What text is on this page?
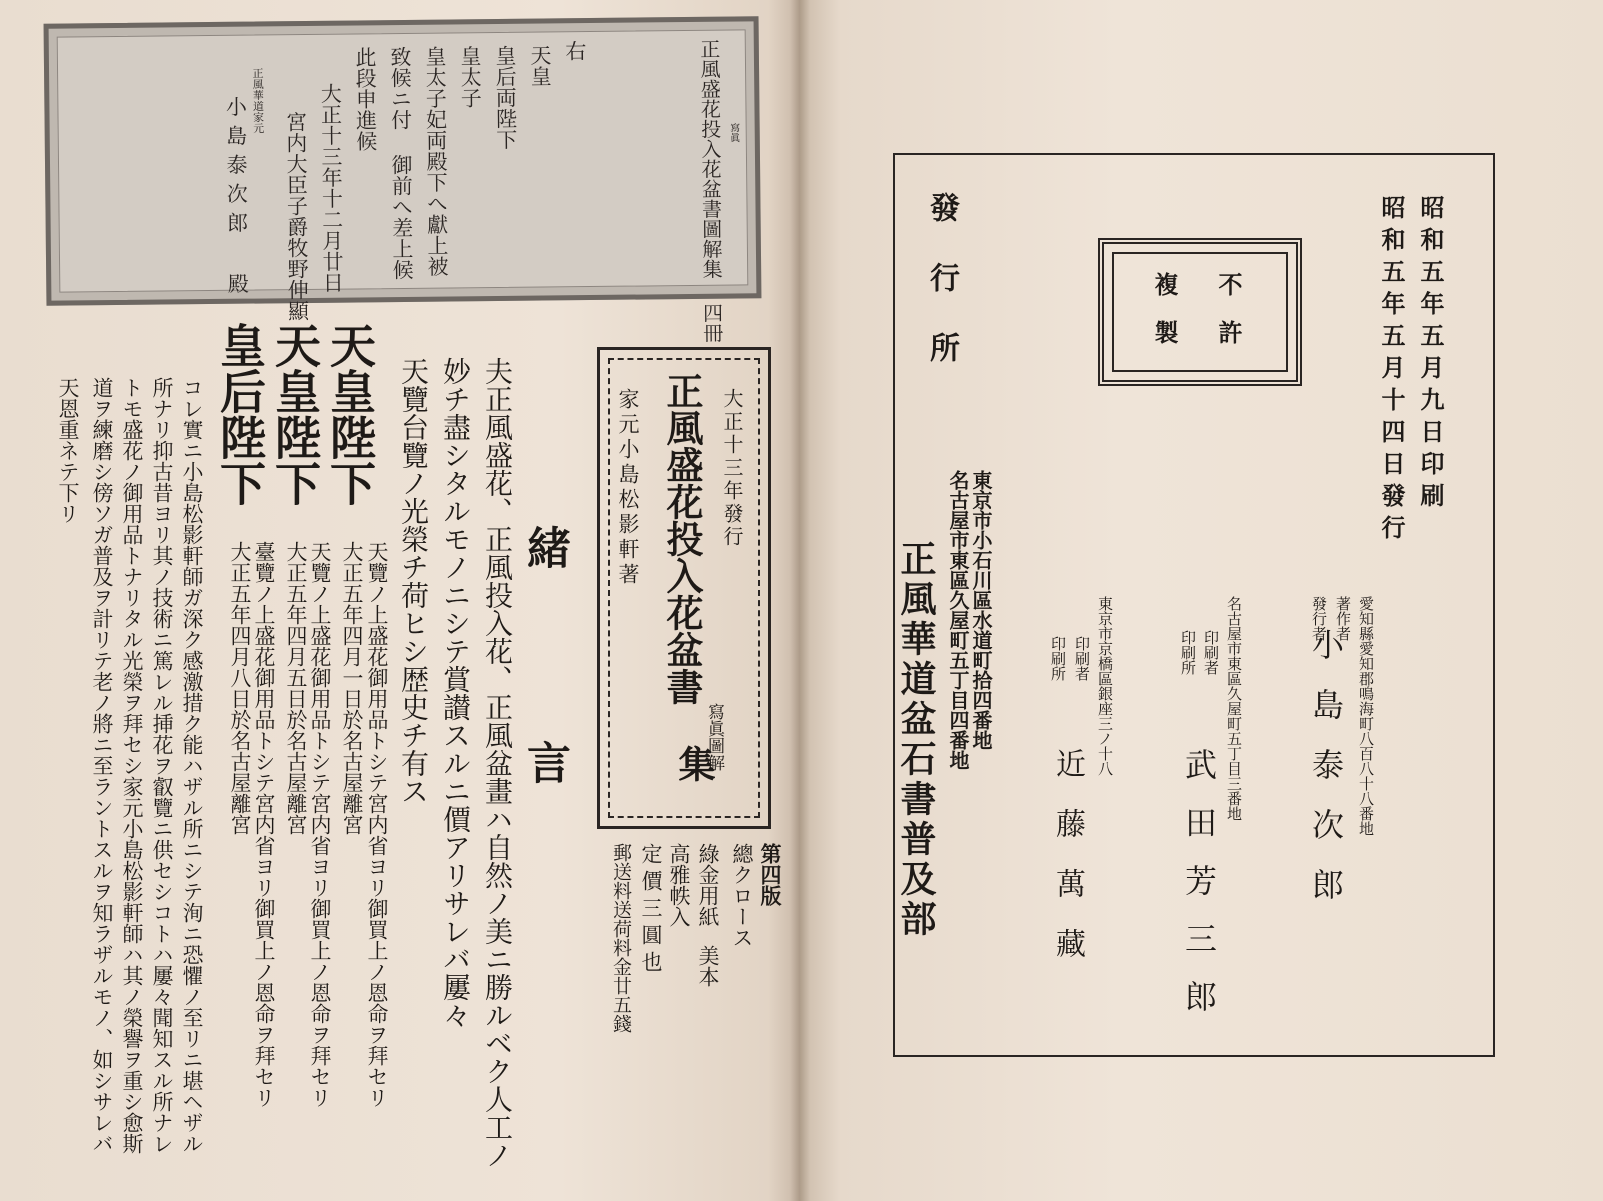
正風盛花投入花盆書圖解集 四冊 寫眞
右
天皇
皇后両陛下
皇太子
皇太子妃両殿下へ獻上被
致候ニ付 御前へ差上候
此段申進候
大正十三年十二月廿日
宮内大臣子爵牧野伸顯
正風華道家元
小島泰次郎 殿
大正十三年發行
正風盛花投入花盆書
寫眞圖解
集
家元小島松影軒著
第四版
總クロース
綠金用紙
美本
高雅帙入
定價三圓也
郵送料送荷料金廿五錢
緒 言
夫正風盛花、正風投入花、正風盆畫ハ自然ノ美ニ勝ルベク人工ノ
妙チ盡シタルモノニシテ賞讃スルニ價アリサレバ屢々
天覽台覽ノ光榮チ荷ヒシ歴史チ有ス
天覽ノ上盛花御用品トシテ宮内省ヨリ御買上ノ恩命ヲ拜セリ
大正五年四月一日於名古屋離宮
天覽ノ上盛花御用品トシテ宮内省ヨリ御買上ノ恩命ヲ拜セリ
大正五年四月五日於名古屋離宮
臺覽ノ上盛花御用品トシテ宮内省ヨリ御買上ノ恩命ヲ拜セリ
大正五年四月八日於名古屋離宮
天皇陛下
天皇陛下
皇后陛下
コレ實ニ小島松影軒師ガ深ク感激措ク能ハザル所ニシテ洵ニ恐懼ノ至リニ堪ヘザル
所ナリ抑古昔ヨリ其ノ技術ニ篤レル挿花ヲ叡覽ニ供セシコトハ屢々聞知スル所ナレ
トモ盛花ノ御用品トナリタル光榮ヲ拜セシ家元小島松影軒師ハ其ノ榮譽ヲ重シ愈斯
道ヲ練磨シ傍ソガ普及ヲ計リテ老ノ將ニ至ラントスルヲ知ラザルモノ、如シサレバ
天恩重ネテ下リ	昭和五年五月九日印刷
昭和五年五月十四日發行
不許
複製
愛知縣愛知郡鳴海町八百八十八番地
著作者
發行者
小島泰次郎
名古屋市東區久屋町五丁目三番地
印刷者
印刷所
武田芳三郎
東京市京橋區銀座三ノ十八
印刷者
印刷所
近藤萬藏
發行所
東京市小石川區水道町拾四番地
名古屋市東區久屋町五丁目四番地
正風華道盆石書普及部
